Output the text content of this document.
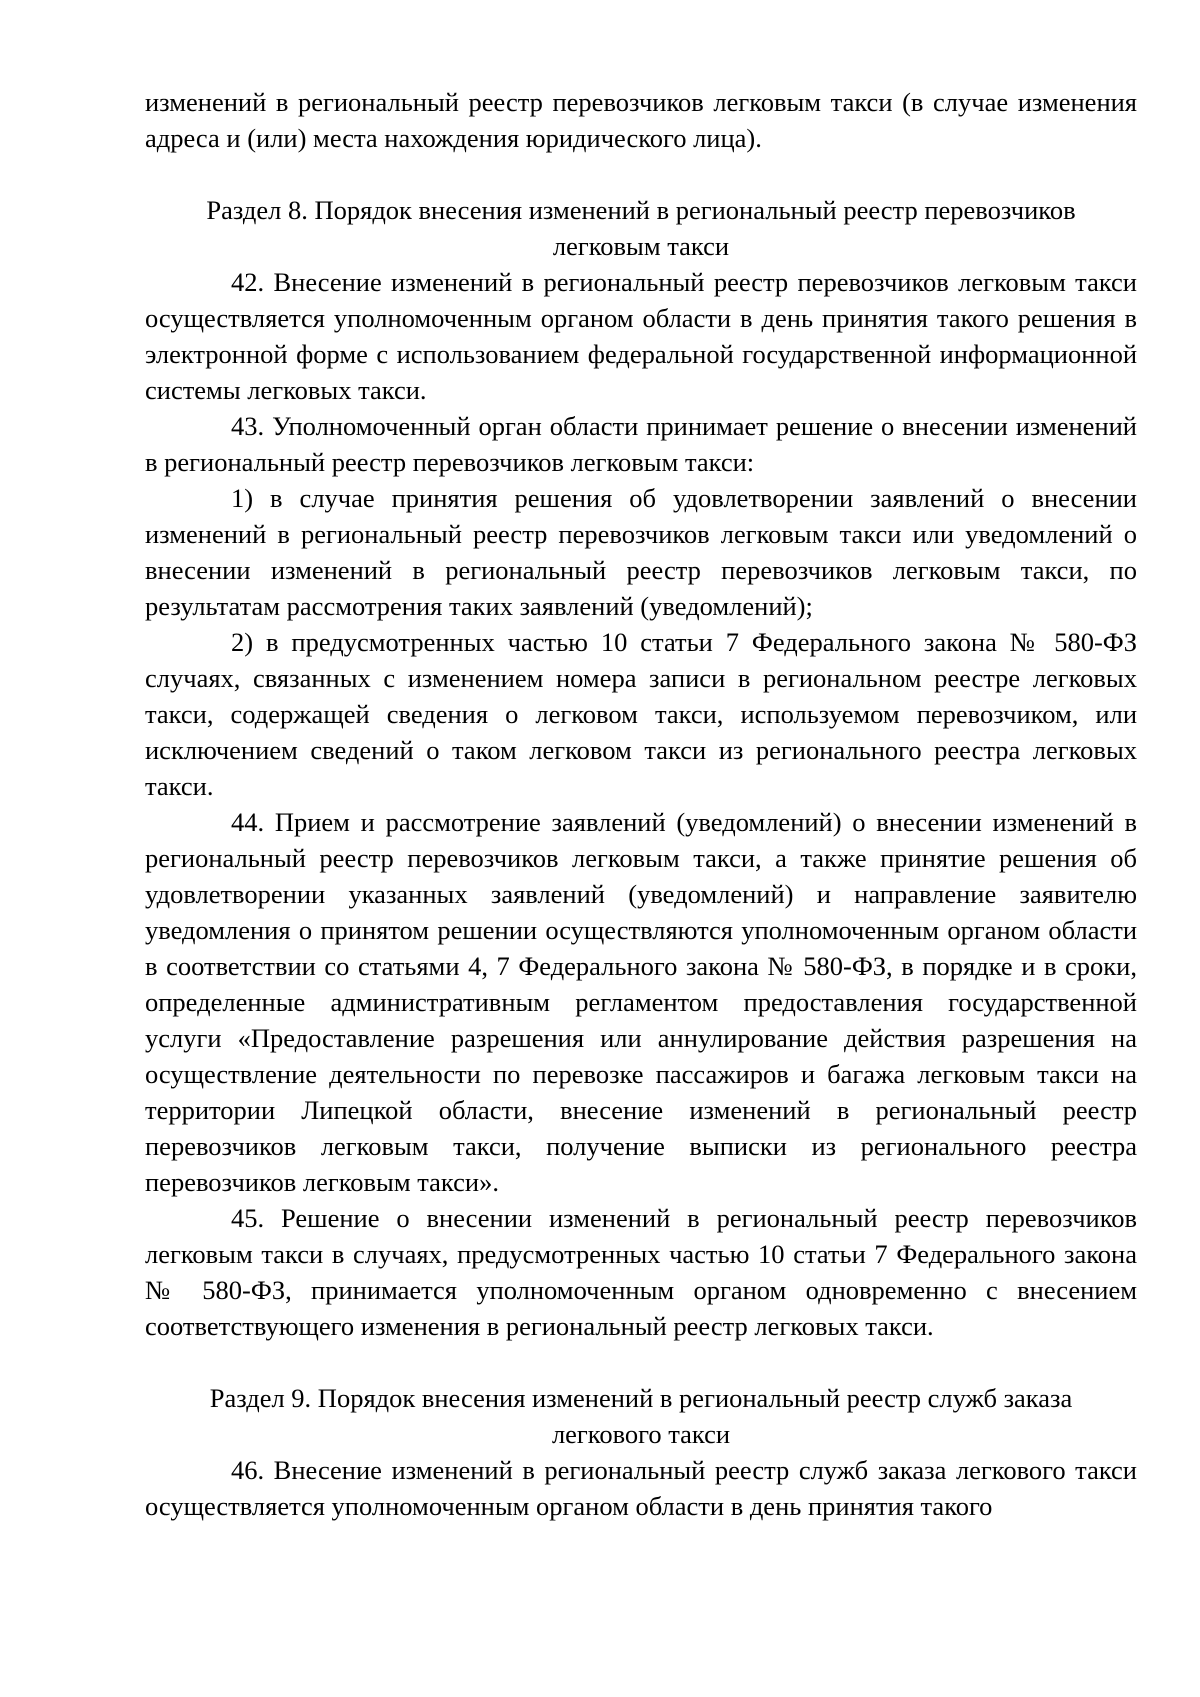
изменений в региональный реестр перевозчиков легковым такси (в случае изменения адреса и (или) места нахождения юридического лица).

Раздел 8. Порядок внесения изменений в региональный реестр перевозчиков
легковым такси

42. Внесение изменений в региональный реестр перевозчиков легковым такси осуществляется уполномоченным органом области в день принятия такого решения в электронной форме с использованием федеральной государственной информационной системы легковых такси.

43. Уполномоченный орган области принимает решение о внесении изменений в региональный реестр перевозчиков легковым такси:

1) в случае принятия решения об удовлетворении заявлений о внесении изменений в региональный реестр перевозчиков легковым такси или уведомлений о внесении изменений в региональный реестр перевозчиков легковым такси, по результатам рассмотрения таких заявлений (уведомлений);

2) в предусмотренных частью 10 статьи 7 Федерального закона № 580-ФЗ случаях, связанных с изменением номера записи в региональном реестре легковых такси, содержащей сведения о легковом такси, используемом перевозчиком, или исключением сведений о таком легковом такси из регионального реестра легковых такси.

44. Прием и рассмотрение заявлений (уведомлений) о внесении изменений в региональный реестр перевозчиков легковым такси, а также принятие решения об удовлетворении указанных заявлений (уведомлений) и направление заявителю уведомления о принятом решении осуществляются уполномоченным органом области в соответствии со статьями 4, 7 Федерального закона № 580-ФЗ, в порядке и в сроки, определенные административным регламентом предоставления государственной услуги «Предоставление разрешения или аннулирование действия разрешения на осуществление деятельности по перевозке пассажиров и багажа легковым такси на территории Липецкой области, внесение изменений в региональный реестр перевозчиков легковым такси, получение выписки из регионального реестра перевозчиков легковым такси».

45. Решение о внесении изменений в региональный реестр перевозчиков легковым такси в случаях, предусмотренных частью 10 статьи 7 Федерального закона № 580-ФЗ, принимается уполномоченным органом одновременно с внесением соответствующего изменения в региональный реестр легковых такси.

Раздел 9. Порядок внесения изменений в региональный реестр служб заказа
легкового такси

46. Внесение изменений в региональный реестр служб заказа легкового такси осуществляется уполномоченным органом области в день принятия такого
